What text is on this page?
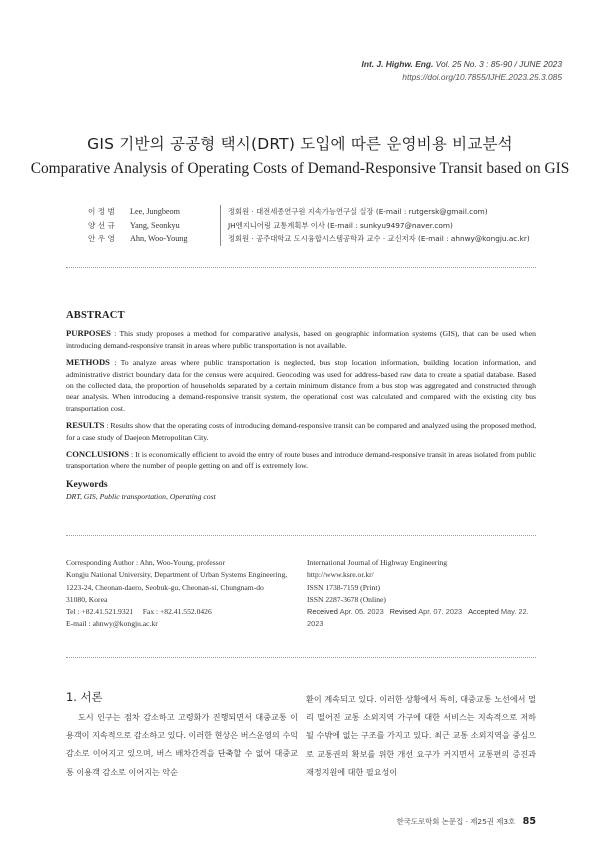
Int. J. Highw. Eng. Vol. 25 No. 3 : 85-90 / JUNE 2023
https://doi.org/10.7855/IJHE.2023.25.3.085
GIS 기반의 공공형 택시(DRT) 도입에 따른 운영비용 비교분석
Comparative Analysis of Operating Costs of Demand-Responsive Transit based on GIS
이 정 범	Lee, Jungbeom	정회원 · 대전세종연구원 지속가능연구실 실장 (E-mail : rutgersk@gmail.com)
양 선 규	Yang, Seonkyu	JH엔지니어링 교통계획부 이사 (E-mail : sunkyu9497@naver.com)
안 우 영	Ahn, Woo-Young	정회원 · 공주대학교 도시융합시스템공학과 교수 · 교신저자 (E-mail : ahnwy@kongju.ac.kr)
ABSTRACT

PURPOSES : This study proposes a method for comparative analysis, based on geographic information systems (GIS), that can be used when introducing demand-responsive transit in areas where public transportation is not available.

METHODS : To analyze areas where public transportation is neglected, bus stop location information, building location information, and administrative district boundary data for the census were acquired. Geocoding was used for address-based raw data to create a spatial database. Based on the collected data, the proportion of households separated by a certain minimum distance from a bus stop was aggregated and constructed through near analysis. When introducing a demand-responsive transit system, the operational cost was calculated and compared with the existing city bus transportation cost.

RESULTS : Results show that the operating costs of introducing demand-responsive transit can be compared and analyzed using the proposed method, for a case study of Daejeon Metropolitan City.

CONCLUSIONS : It is economically efficient to avoid the entry of route buses and introduce demand-responsive transit in areas isolated from public transportation where the number of people getting on and off is extremely low.

Keywords

DRT, GIS, Public transportation, Operating cost

Corresponding Author : Ahn, Woo-Young, professor
Kongju National University, Department of Urban Systems Engineering,
1223-24, Cheonan-daero, Seobuk-gu, Cheonan-si, Chungnam-do
31080, Korea
Tel : +82.41.521.9321     Fax : +82.41.552.0426
E-mail : ahnwy@kongju.ac.kr
International Journal of Highway Engineering
http://www.ksre.or.kr/
ISSN 1738-7159 (Print)
ISSN 2287-3678 (Online)
Received Apr. 05. 2023 Revised Apr. 07. 2023 Accepted May. 22. 2023
1. 서론
도시 인구는 점차 감소하고 고령화가 진행되면서 대중교통 이용객이 지속적으로 감소하고 있다. 이러한 현상은 버스운영의 수익 감소로 이어지고 있으며, 버스 배차간격을 단축할 수 없어 대중교통 이용객 감소로 이어지는 악순
환이 계속되고 있다. 이러한 상황에서 특히, 대중교통 노선에서 멀리 떨어진 교통 소외지역 가구에 대한 서비스는 지속적으로 저하될 수밖에 없는 구조를 가지고 있다. 최근 교통 소외지역을 중심으로 교통권의 확보를 위한 개선 요구가 커지면서 교통편의 증진과 재정지원에 대한 필요성이
한국도로학회 논문집 · 제25권 제3호 85
